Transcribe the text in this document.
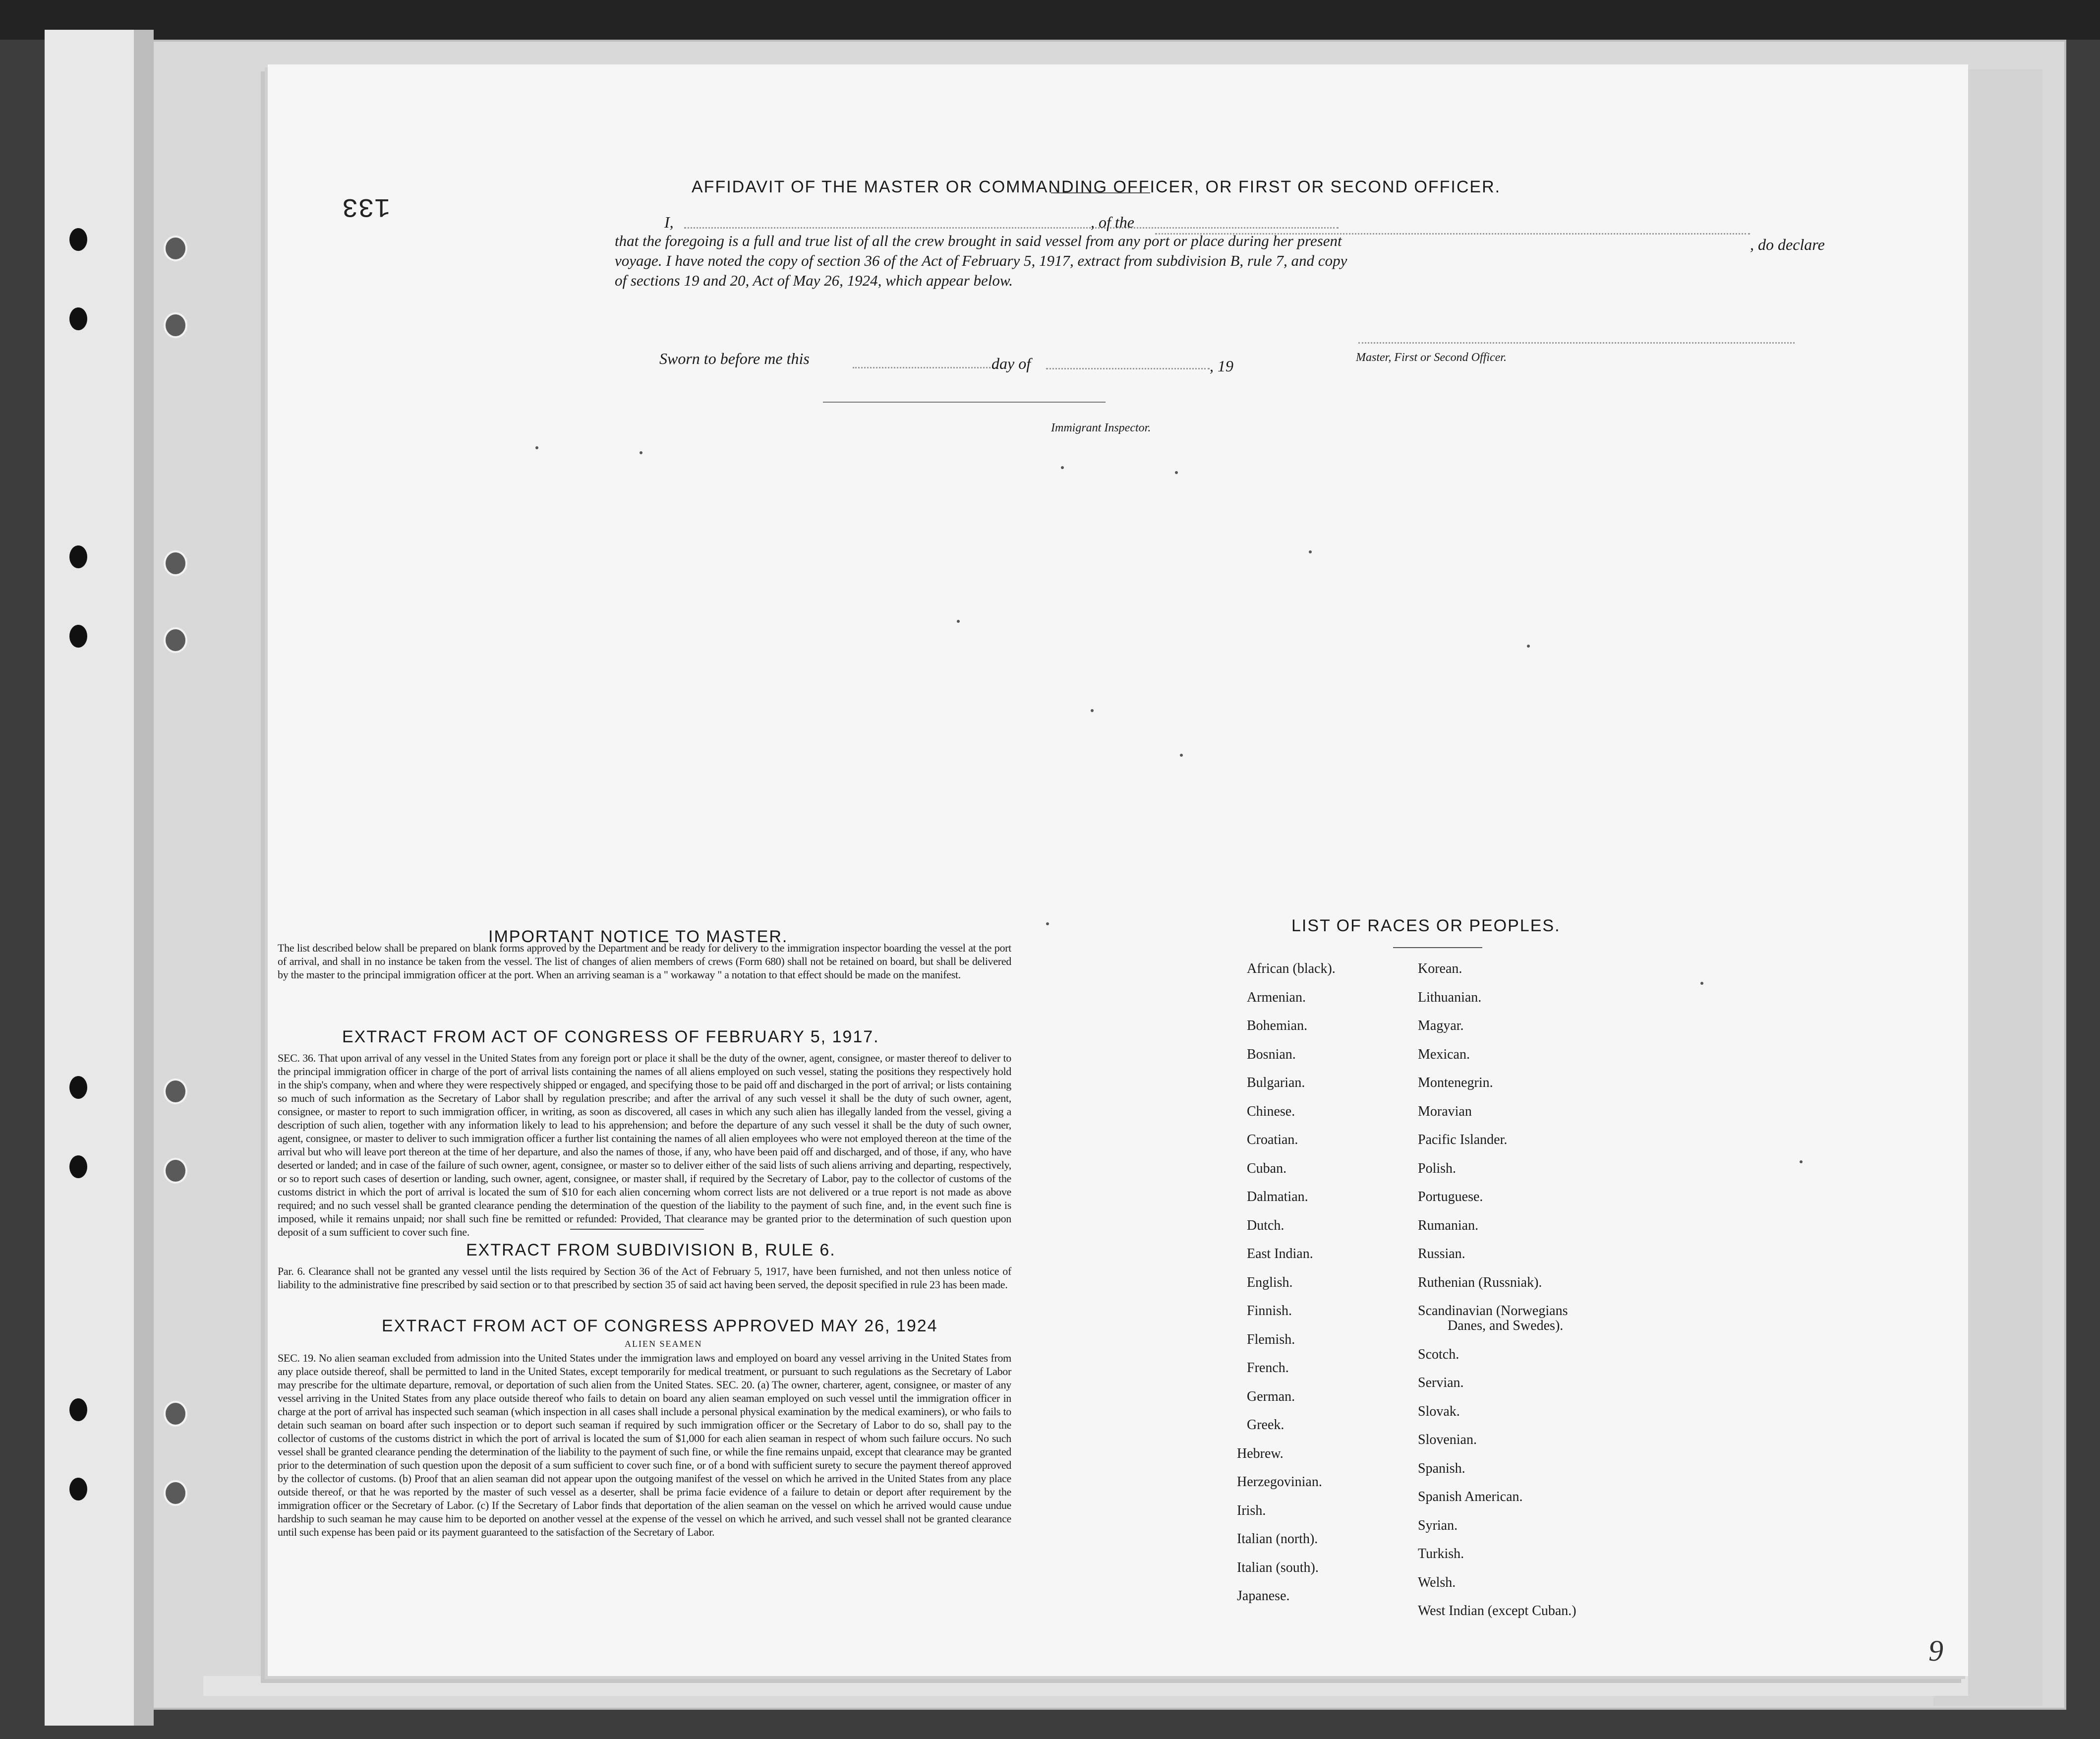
133
AFFIDAVIT OF THE MASTER OR COMMANDING OFFICER, OR FIRST OR SECOND OFFICER.
I,	, of the
, do declare
that the foregoing is a full and true list of all the crew brought in said vessel from any port or place during her present
voyage. I have noted the copy of section 36 of the Act of February 5, 1917, extract from subdivision B, rule 7, and copy
of sections 19 and 20, Act of May 26, 1924, which appear below.
Sworn to before me this	day of	, 19	Master, First or Second Officer.
Immigrant Inspector.
IMPORTANT NOTICE TO MASTER.
The list described below shall be prepared on blank forms approved by the Department and be ready for delivery to the immigration inspector boarding the vessel at the port of arrival, and shall in no instance be taken from the vessel. The list of changes of alien members of crews (Form 680) shall not be retained on board, but shall be delivered by the master to the principal immigration officer at the port. When an arriving seaman is a " workaway " a notation to that effect should be made on the manifest.
EXTRACT FROM ACT OF CONGRESS OF FEBRUARY 5, 1917.
SEC. 36. That upon arrival of any vessel in the United States from any foreign port or place it shall be the duty of the owner, agent, consignee, or master thereof to deliver to the principal immigration officer in charge of the port of arrival lists containing the names of all aliens employed on such vessel, stating the positions they respectively hold in the ship's company, when and where they were respectively shipped or engaged, and specifying those to be paid off and discharged in the port of arrival; or lists containing so much of such information as the Secretary of Labor shall by regulation prescribe; and after the arrival of any such vessel it shall be the duty of such owner, agent, consignee, or master to report to such immigration officer, in writing, as soon as discovered, all cases in which any such alien has illegally landed from the vessel, giving a description of such alien, together with any information likely to lead to his apprehension; and before the departure of any such vessel it shall be the duty of such owner, agent, consignee, or master to deliver to such immigration officer a further list containing the names of all alien employees who were not employed thereon at the time of the arrival but who will leave port thereon at the time of her departure, and also the names of those, if any, who have been paid off and discharged, and of those, if any, who have deserted or landed; and in case of the failure of such owner, agent, consignee, or master so to deliver either of the said lists of such aliens arriving and departing, respectively, or so to report such cases of desertion or landing, such owner, agent, consignee, or master shall, if required by the Secretary of Labor, pay to the collector of customs of the customs district in which the port of arrival is located the sum of $10 for each alien concerning whom correct lists are not delivered or a true report is not made as above required; and no such vessel shall be granted clearance pending the determination of the question of the liability to the payment of such fine, and, in the event such fine is imposed, while it remains unpaid; nor shall such fine be remitted or refunded: Provided, That clearance may be granted prior to the determination of such question upon deposit of a sum sufficient to cover such fine.
EXTRACT FROM SUBDIVISION B, RULE 6.
Par. 6. Clearance shall not be granted any vessel until the lists required by Section 36 of the Act of February 5, 1917, have been furnished, and not then unless notice of liability to the administrative fine prescribed by said section or to that prescribed by section 35 of said act having been served, the deposit specified in rule 23 has been made.
EXTRACT FROM ACT OF CONGRESS APPROVED MAY 26, 1924
ALIEN SEAMEN
SEC. 19. No alien seaman excluded from admission into the United States under the immigration laws and employed on board any vessel arriving in the United States from any place outside thereof, shall be permitted to land in the United States, except temporarily for medical treatment, or pursuant to such regulations as the Secretary of Labor may prescribe for the ultimate departure, removal, or deportation of such alien from the United States. SEC. 20. (a) The owner, charterer, agent, consignee, or master of any vessel arriving in the United States from any place outside thereof who fails to detain on board any alien seaman employed on such vessel until the immigration officer in charge at the port of arrival has inspected such seaman (which inspection in all cases shall include a personal physical examination by the medical examiners), or who fails to detain such seaman on board after such inspection or to deport such seaman if required by such immigration officer or the Secretary of Labor to do so, shall pay to the collector of customs of the customs district in which the port of arrival is located the sum of $1,000 for each alien seaman in respect of whom such failure occurs. No such vessel shall be granted clearance pending the determination of the liability to the payment of such fine, or while the fine remains unpaid, except that clearance may be granted prior to the determination of such question upon the deposit of a sum sufficient to cover such fine, or of a bond with sufficient surety to secure the payment thereof approved by the collector of customs. (b) Proof that an alien seaman did not appear upon the outgoing manifest of the vessel on which he arrived in the United States from any place outside thereof, or that he was reported by the master of such vessel as a deserter, shall be prima facie evidence of a failure to detain or deport after requirement by the immigration officer or the Secretary of Labor. (c) If the Secretary of Labor finds that deportation of the alien seaman on the vessel on which he arrived would cause undue hardship to such seaman he may cause him to be deported on another vessel at the expense of the vessel on which he arrived, and such vessel shall not be granted clearance until such expense has been paid or its payment guaranteed to the satisfaction of the Secretary of Labor.
LIST OF RACES OR PEOPLES.
African (black).
Armenian.
Bohemian.
Bosnian.
Bulgarian.
Chinese.
Croatian.
Cuban.
Dalmatian.
Dutch.
East Indian.
English.
Finnish.
Flemish.
French.
German.
Greek.
Hebrew.
Herzegovinian.
Irish.
Italian (north).
Italian (south).
Japanese.
Korean.
Lithuanian.
Magyar.
Mexican.
Montenegrin.
Moravian
Pacific Islander.
Polish.
Portuguese.
Rumanian.
Russian.
Ruthenian (Russniak).
Scandinavian (Norwegians
Danes, and Swedes).
Scotch.
Servian.
Slovak.
Slovenian.
Spanish.
Spanish American.
Syrian.
Turkish.
Welsh.
West Indian (except Cuban.)
9
